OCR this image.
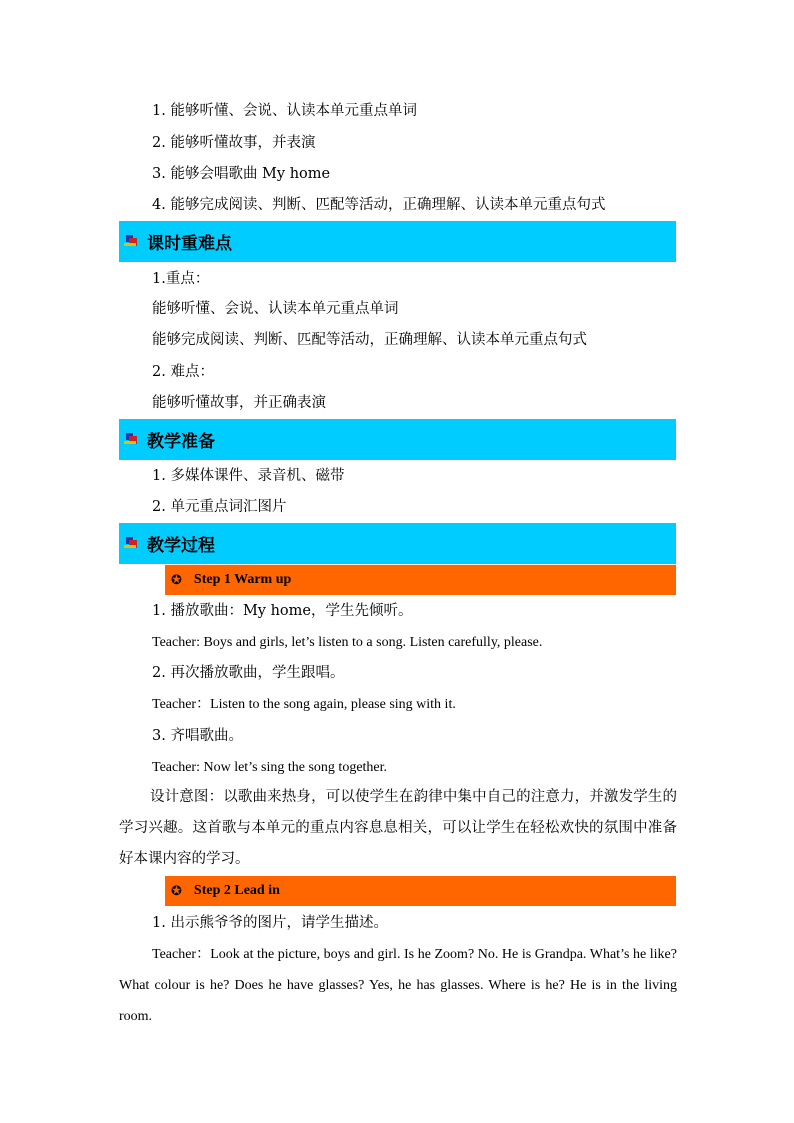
1. 能够听懂、会说、认读本单元重点单词
2. 能够听懂故事，并表演
3. 能够会唱歌曲 My home
4. 能够完成阅读、判断、匹配等活动，正确理解、认读本单元重点句式
课时重难点
1.重点：
能够听懂、会说、认读本单元重点单词
能够完成阅读、判断、匹配等活动，正确理解、认读本单元重点句式
2. 难点：
能够听懂故事，并正确表演
教学准备
1. 多媒体课件、录音机、磁带
2. 单元重点词汇图片
教学过程
✪ Step 1 Warm up
1. 播放歌曲：My home，学生先倾听。
Teacher: Boys and girls, let’s listen to a song. Listen carefully, please.
2. 再次播放歌曲，学生跟唱。
Teacher：Listen to the song again, please sing with it.
3. 齐唱歌曲。
Teacher: Now let’s sing the song together.
设计意图：以歌曲来热身，可以使学生在韵律中集中自己的注意力，并激发学生的学习兴趣。这首歌与本单元的重点内容息息相关，可以让学生在轻松欢快的氛围中准备好本课内容的学习。
✪ Step 2 Lead in
1. 出示熊爷爷的图片，请学生描述。
Teacher：Look at the picture, boys and girl. Is he Zoom? No. He is Grandpa. What’s he like? What colour is he? Does he have glasses? Yes, he has glasses. Where is he? He is in the living room.
